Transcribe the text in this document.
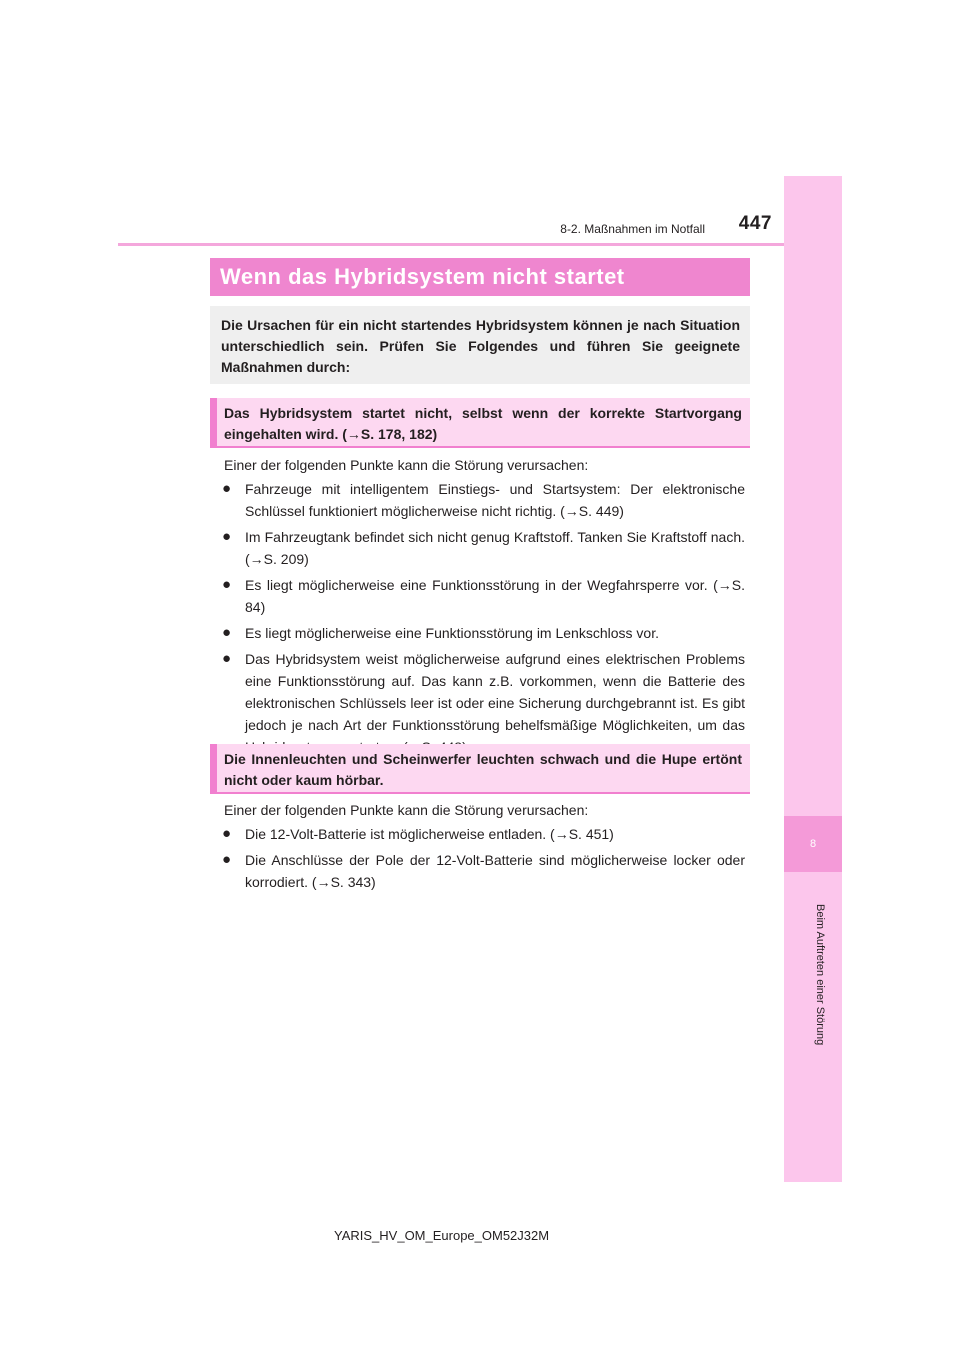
8
Beim Auftreten einer Störung
8-2. Maßnahmen im Notfall	447
Wenn das Hybridsystem nicht startet
Die Ursachen für ein nicht startendes Hybridsystem können je nach Situation unterschiedlich sein. Prüfen Sie Folgendes und führen Sie geeignete Maßnahmen durch:
Das Hybridsystem startet nicht, selbst wenn der korrekte Startvorgang eingehalten wird. (→S. 178, 182)
Einer der folgenden Punkte kann die Störung verursachen:
● Fahrzeuge mit intelligentem Einstiegs- und Startsystem: Der elektronische Schlüssel funktioniert möglicherweise nicht richtig. (→S. 449)
● Im Fahrzeugtank befindet sich nicht genug Kraftstoff. Tanken Sie Kraftstoff nach. (→S. 209)
● Es liegt möglicherweise eine Funktionsstörung in der Wegfahrsperre vor. (→S. 84)
● Es liegt möglicherweise eine Funktionsstörung im Lenkschloss vor.
● Das Hybridsystem weist möglicherweise aufgrund eines elektrischen Problems eine Funktionsstörung auf. Das kann z.B. vorkommen, wenn die Batterie des elektronischen Schlüssels leer ist oder eine Sicherung durchgebrannt ist. Es gibt jedoch je nach Art der Funktionsstörung behelfsmäßige Möglichkeiten, um das
Die Innenleuchten und Scheinwerfer leuchten schwach und die Hupe ertönt nicht oder kaum hörbar.
Einer der folgenden Punkte kann die Störung verursachen:
● Die 12-Volt-Batterie ist möglicherweise entladen. (→S. 451)
● Die Anschlüsse der Pole der 12-Volt-Batterie sind möglicherweise locker oder korrodiert. (→S. 343)
YARIS_HV_OM_Europe_OM52J32M
